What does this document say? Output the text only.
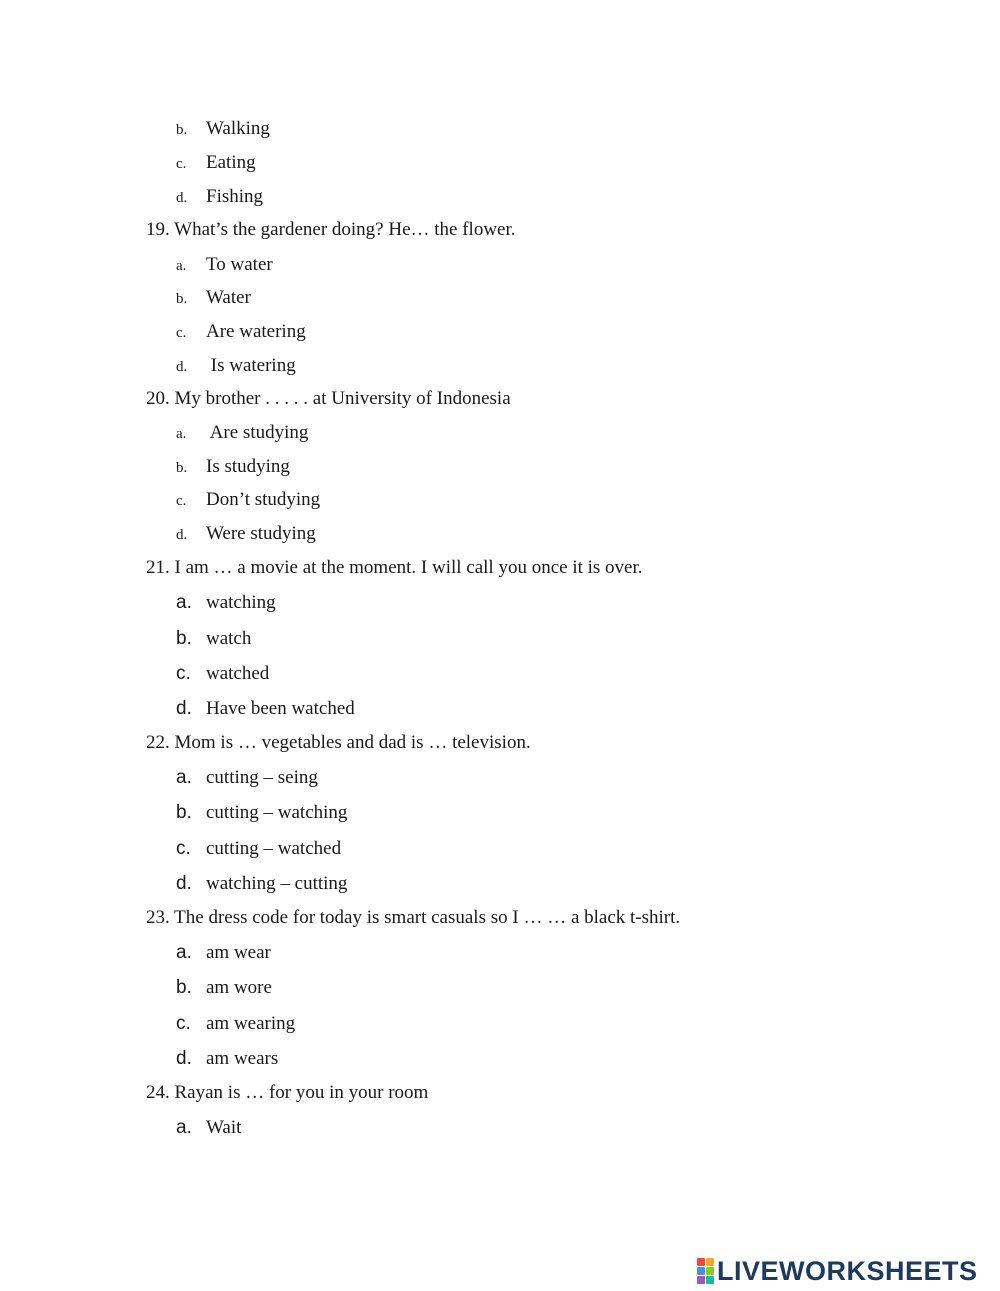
b. Walking
c. Eating
d. Fishing
19. What’s the gardener doing? He… the flower.
a. To water
b. Water
c. Are watering
d. Is watering
20. My brother . . . . . at University of Indonesia
a. Are studying
b. Is studying
c. Don’t studying
d. Were studying
21. I am … a movie at the moment. I will call you once it is over.
a. watching
b. watch
c. watched
d. Have been watched
22. Mom is … vegetables and dad is … television.
a. cutting – seing
b. cutting – watching
c. cutting – watched
d. watching – cutting
23. The dress code for today is smart casuals so I … … a black t-shirt.
a. am wear
b. am wore
c. am wearing
d. am wears
24. Rayan is … for you in your room
a. Wait
LIVEWORKSHEETS
